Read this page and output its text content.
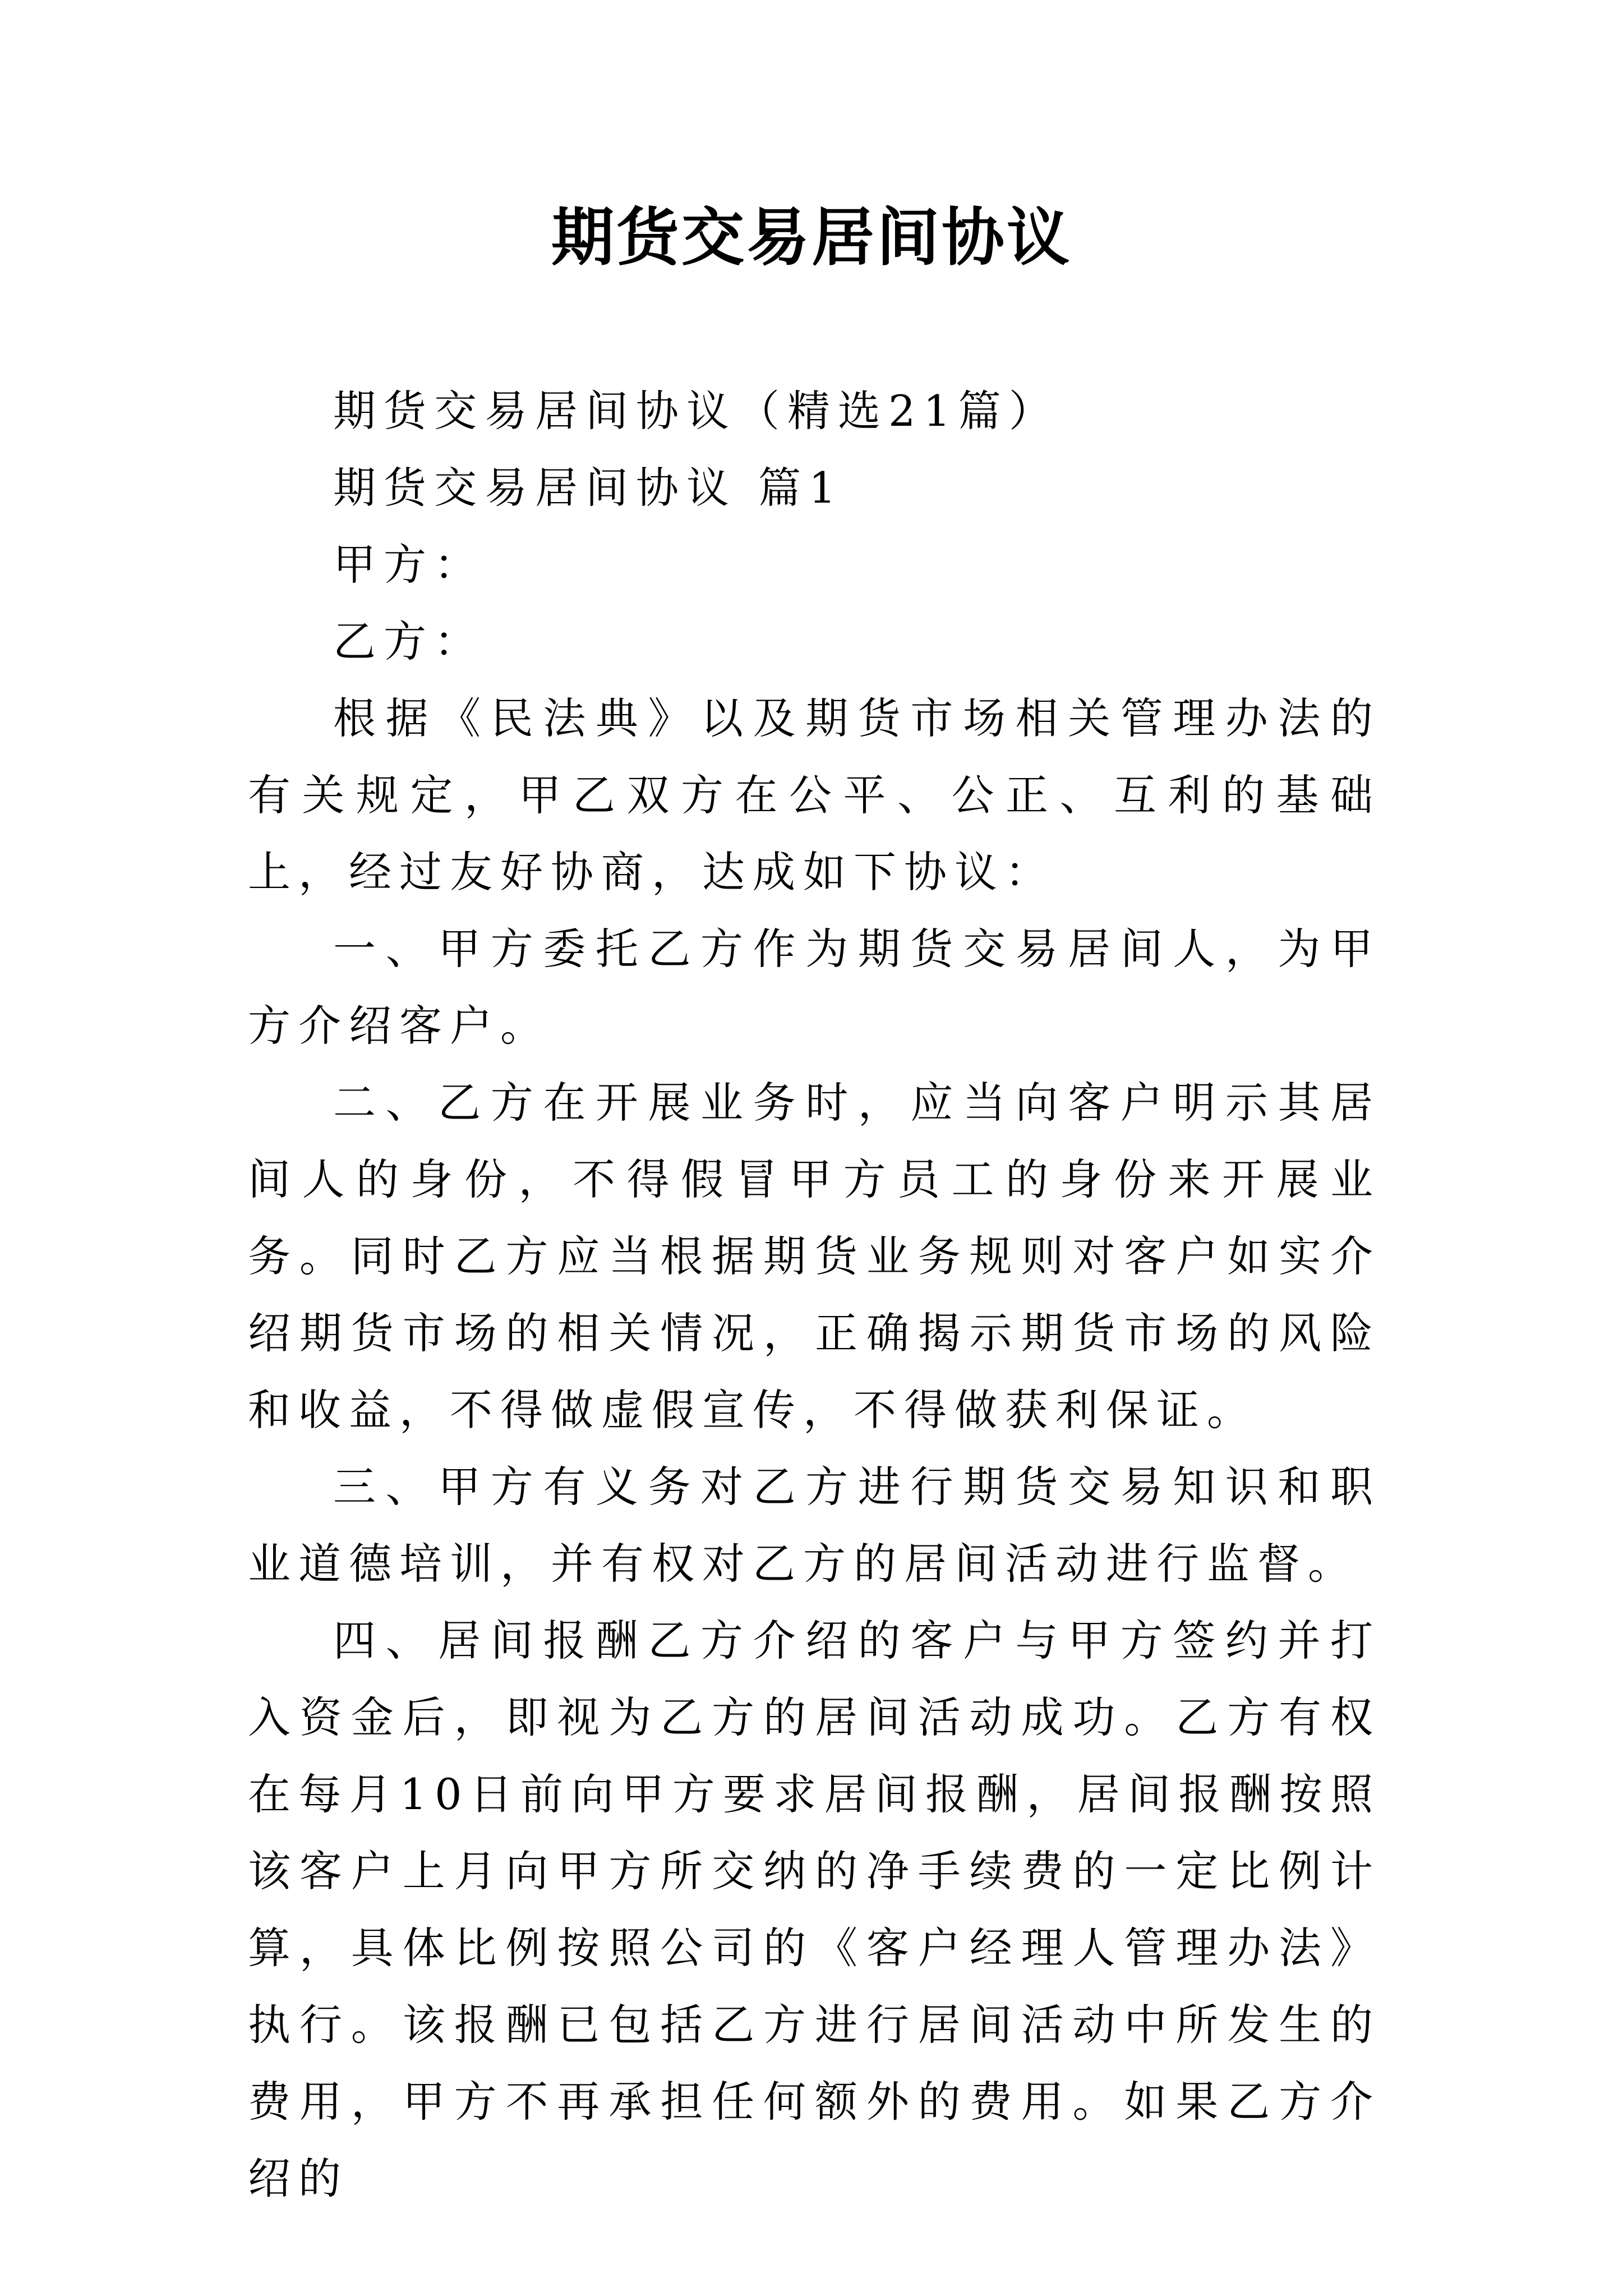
期货交易居间协议

期货交易居间协议（精选21篇）

期货交易居间协议 篇1

甲方：

乙方：

根据《民法典》以及期货市场相关管理办法的有关规定，甲乙双方在公平、公正、互利的基础上，经过友好协商，达成如下协议：

一、甲方委托乙方作为期货交易居间人，为甲方介绍客户。

二、乙方在开展业务时，应当向客户明示其居间人的身份，不得假冒甲方员工的身份来开展业务。同时乙方应当根据期货业务规则对客户如实介绍期货市场的相关情况，正确揭示期货市场的风险和收益，不得做虚假宣传，不得做获利保证。

三、甲方有义务对乙方进行期货交易知识和职业道德培训，并有权对乙方的居间活动进行监督。

四、居间报酬乙方介绍的客户与甲方签约并打入资金后，即视为乙方的居间活动成功。乙方有权在每月10日前向甲方要求居间报酬，居间报酬按照该客户上月向甲方所交纳的净手续费的一定比例计算，具体比例按照公司的《客户经理人管理办法》执行。该报酬已包括乙方进行居间活动中所发生的费用，甲方不再承担任何额外的费用。如果乙方介绍的
